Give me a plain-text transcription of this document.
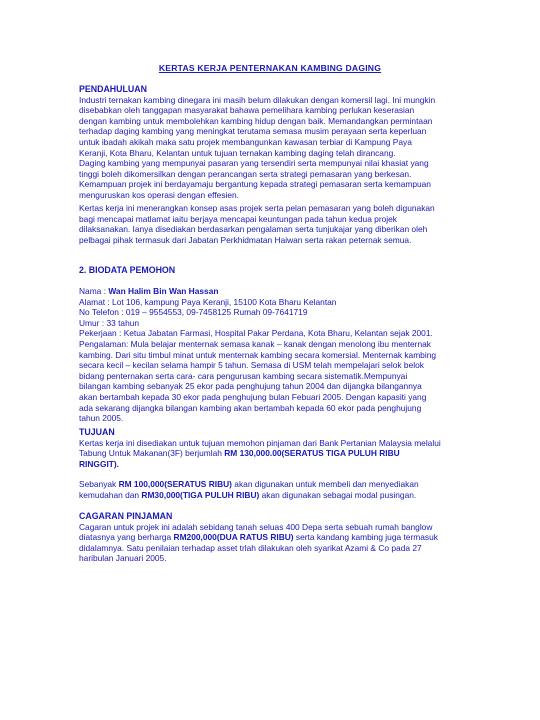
KERTAS KERJA PENTERNAKAN KAMBING DAGING
PENDAHULUAN
Industri ternakan kambing dinegara ini masih belum dilakukan dengan komersil lagi. Ini mungkin
disebabkan oleh tanggapan masyarakat bahawa pemelihara kambing perlukan keserasian
dengan kambing untuk membolehkan kambing hidup dengan baik. Memandangkan permintaan
terhadap daging kambing yang meningkat terutama semasa musim perayaan serta keperluan
untuk ibadah akikah maka satu projek membangunkan kawasan terbiar di Kampung Paya
Keranji, Kota Bharu, Kelantan untuk tujuan ternakan kambing daging telah dirancang.
Daging kambing yang mempunyai pasaran yang tersendiri serta mempunyai nilai khasiat yang
tinggi boleh dikomersilkan dengan perancangan serta strategi pemasaran yang berkesan.
Kemampuan projek ini berdayamaju bergantung kepada strategi pemasaran serta kemampuan
menguruskan kos operasi dengan effesien.
Kertas kerja ini menerangkan konsep asas projek serta pelan pemasaran yang boleh digunakan
bagi mencapai matlamat iaitu berjaya mencapai keuntungan pada tahun kedua projek
dilaksanakan. Ianya disediakan berdasarkan pengalaman serta tunjukajar yang diberikan oleh
pelbagai pihak termasuk dari Jabatan Perkhidmatan Haiwan serta rakan peternak semua.
2. BIODATA PEMOHON
Nama : Wan Halim Bin Wan Hassan
Alamat : Lot 106, kampung Paya Keranji, 15100 Kota Bharu Kelantan
No Telefon : 019 – 9554553, 09-7458125 Rumah 09-7641719
Umur : 33 tahun
Pekerjaan : Ketua Jabatan Farmasi, Hospital Pakar Perdana, Kota Bharu, Kelantan sejak 2001.
Pengalaman: Mula belajar menternak semasa kanak – kanak dengan menolong ibu menternak
kambing. Dari situ timbul minat untuk menternak kambing secara komersial. Menternak kambing
secara kecil – kecilan selama hampir 5 tahun. Semasa di USM telah mempelajari selok belok
bidang penternakan serta cara- cara pengurusan kambing secara sistematik.Mempunyai
bilangan kambing sebanyak 25 ekor pada penghujung tahun 2004 dan dijangka bilangannya
akan bertambah kepada 30 ekor pada penghujung bulan Febuari 2005. Dengan kapasiti yang
ada sekarang dijangka bilangan kambing akan bertambah kepada 60 ekor pada penghujung
tahun 2005.
TUJUAN
Kertas kerja ini disediakan untuk tujuan memohon pinjaman dari Bank Pertanian Malaysia melalui
Tabung Untuk Makanan(3F) berjumlah RM 130,000.00(SERATUS TIGA PULUH RIBU
RINGGIT).
Sebanyak RM 100,000(SERATUS RIBU) akan digunakan untuk membeli dan menyediakan
kemudahan dan RM30,000(TIGA PULUH RIBU) akan digunakan sebagai modal pusingan.
CAGARAN PINJAMAN
Cagaran untuk projek ini adalah sebidang tanah seluas 400 Depa serta sebuah rumah banglow
diatasnya yang berharga RM200,000(DUA RATUS RIBU) serta kandang kambing juga termasuk
didalamnya. Satu penilaian terhadap asset trlah dilakukan oleh syarikat Azami & Co pada 27
haribulan Januari 2005.
